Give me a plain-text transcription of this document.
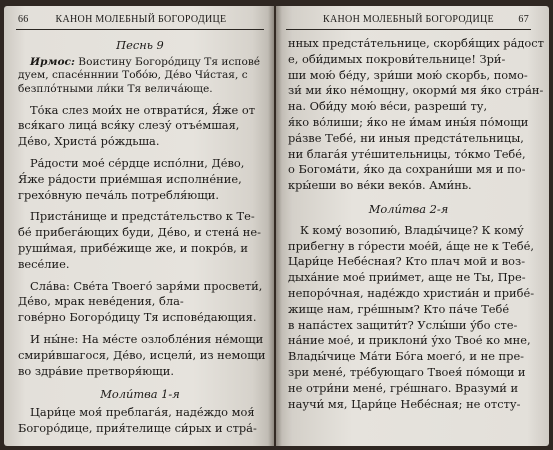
66	КАНОН МОЛЕБНЫЙ БОГОРОДИЦЕ
Песнь 9
Ирмос: Воистину Богоро́дицу Тя испове́
дуем, спасе́нннии Тобо́ю, Де́во Чи́стая, с
безпло́тными ли́ки Тя велича́юще.
То́ка слез мои́х не отврати́ся, Я́же от
вся́каго лица́ вся́ку слезу́ отъе́мшая,
Де́во, Христа́ ро́ждьша.
Ра́дости мое́ се́рдце испо́лни, Де́во,
Я́же ра́дости прие́мшая исполне́ние,
грехо́вную печа́ль потребля́ющи.
Приста́нище и предста́тельство к Те-
бе́ прибега́ющих буди, Де́во, и стена́ не-
руши́мая, прибе́жище же, и покро́в, и
весе́лие.
Сла́ва: Све́та Твоего́ заря́ми просвети́,
Де́во, мрак неве́дения, бла-
гове́рно Богоро́дицу Тя испове́дающия.
И ны́не: На ме́сте озлобле́ния не́мощи
смири́вшагося, Де́во, исцели́, из немощи
во здра́вие претворя́ющи.
Моли́тва 1-я
Цари́це моя́ преблага́я, наде́ждо моя́
Богоро́дице, прия́телище си́рых и стра́-
КАНОН МОЛЕБНЫЙ БОГОРОДИЦЕ	67
нных предста́тельнице, скорбя́щих ра́дост
е, оби́димых покрови́тельнице! Зри́-
ши мою́ бе́ду, зри́ши мою́ скорбь, помо-
зи́ ми я́ко не́мощну, окорми́ мя я́ко стра́н-
на. Оби́ду мою́ ве́си, разреши́ ту,
я́ко во́лиши; я́ко не и́мам ины́я по́мощи
ра́зве Тебе́, ни иныя предста́тельницы,
ни блага́я уте́шительницы, то́кмо Тебе́,
о Богома́ти, я́ко да сохрани́ши мя и по-
кры́еши во ве́ки веко́в. Ами́нь.
Моли́тва 2-я
К кому́ возопию́, Влады́чице? К кому́
прибегну в го́рести мое́й, а́ще не к Тебе́,
Цари́це Небе́сная? Кто плач мой и воз-
дыха́ние мое́ прии́мет, аще не Ты, Пре-
непоро́чная, наде́ждо христиа́н и прибе́-
жище нам, гре́шным? Кто па́че Тебе́
в напа́стех защити́т? Услы́ши у́бо сте-
на́ние мое́, и приклони́ у́хо Твое́ ко мне,
Влады́чице Ма́ти Бо́га моего́, и не пре-
зри мене́, тре́бующаго Твоея́ по́мощи и
не отри́ни мене́, гре́шнаго. Вразуми́ и
научи́ мя, Цари́це Небе́сная; не отсту-
